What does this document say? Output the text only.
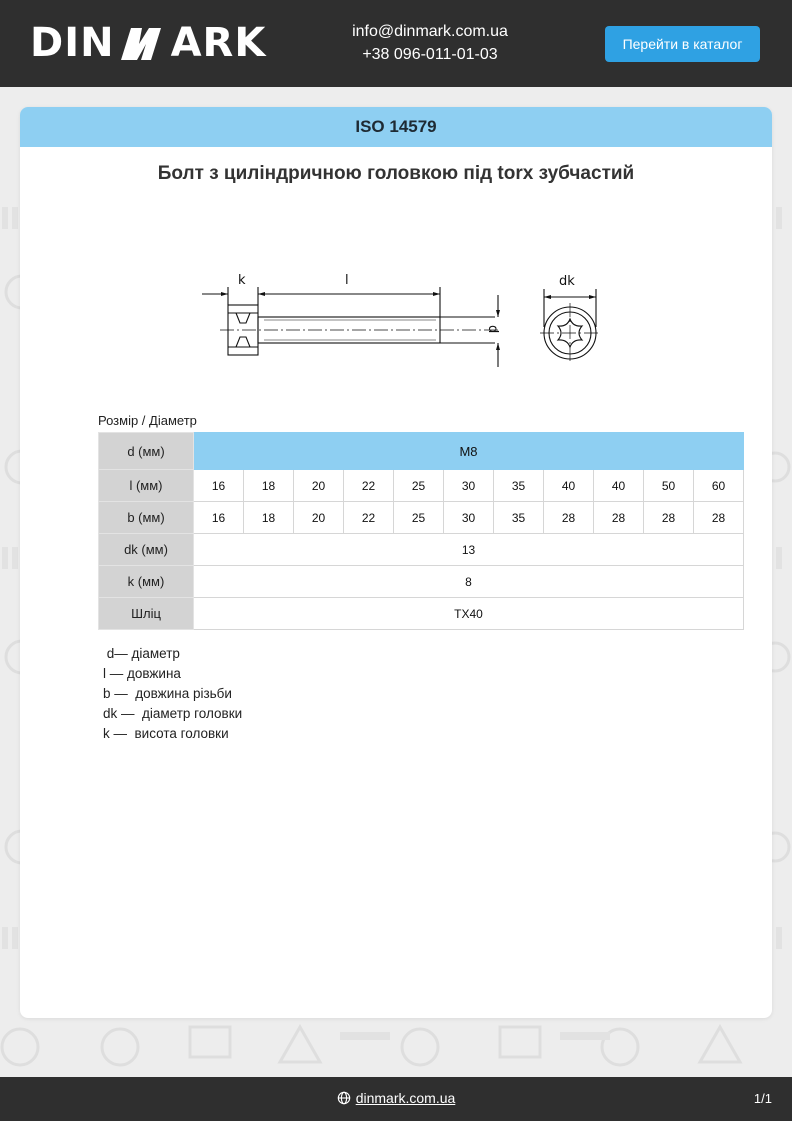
DIN ARK	info@dinmark.com.ua
+38 096-011-01-03
Перейти в каталог
ISO 14579
Болт з циліндричною головкою під torx зубчастий
k	l
d
dk
Розмір / Діаметр
d (мм)	M8										
l (мм)	16	18	20	22	25	30	35	40	40	50	60
b (мм)	16	18	20	22	25	30	35	28	28	28	28
dk (мм)	13										
k (мм)	8										
Шліц	TX40										
d— діаметр
l — довжина
b —  довжина різьби
dk —  діаметр головки
k —  висота головки
dinmark.com.ua	1/1
